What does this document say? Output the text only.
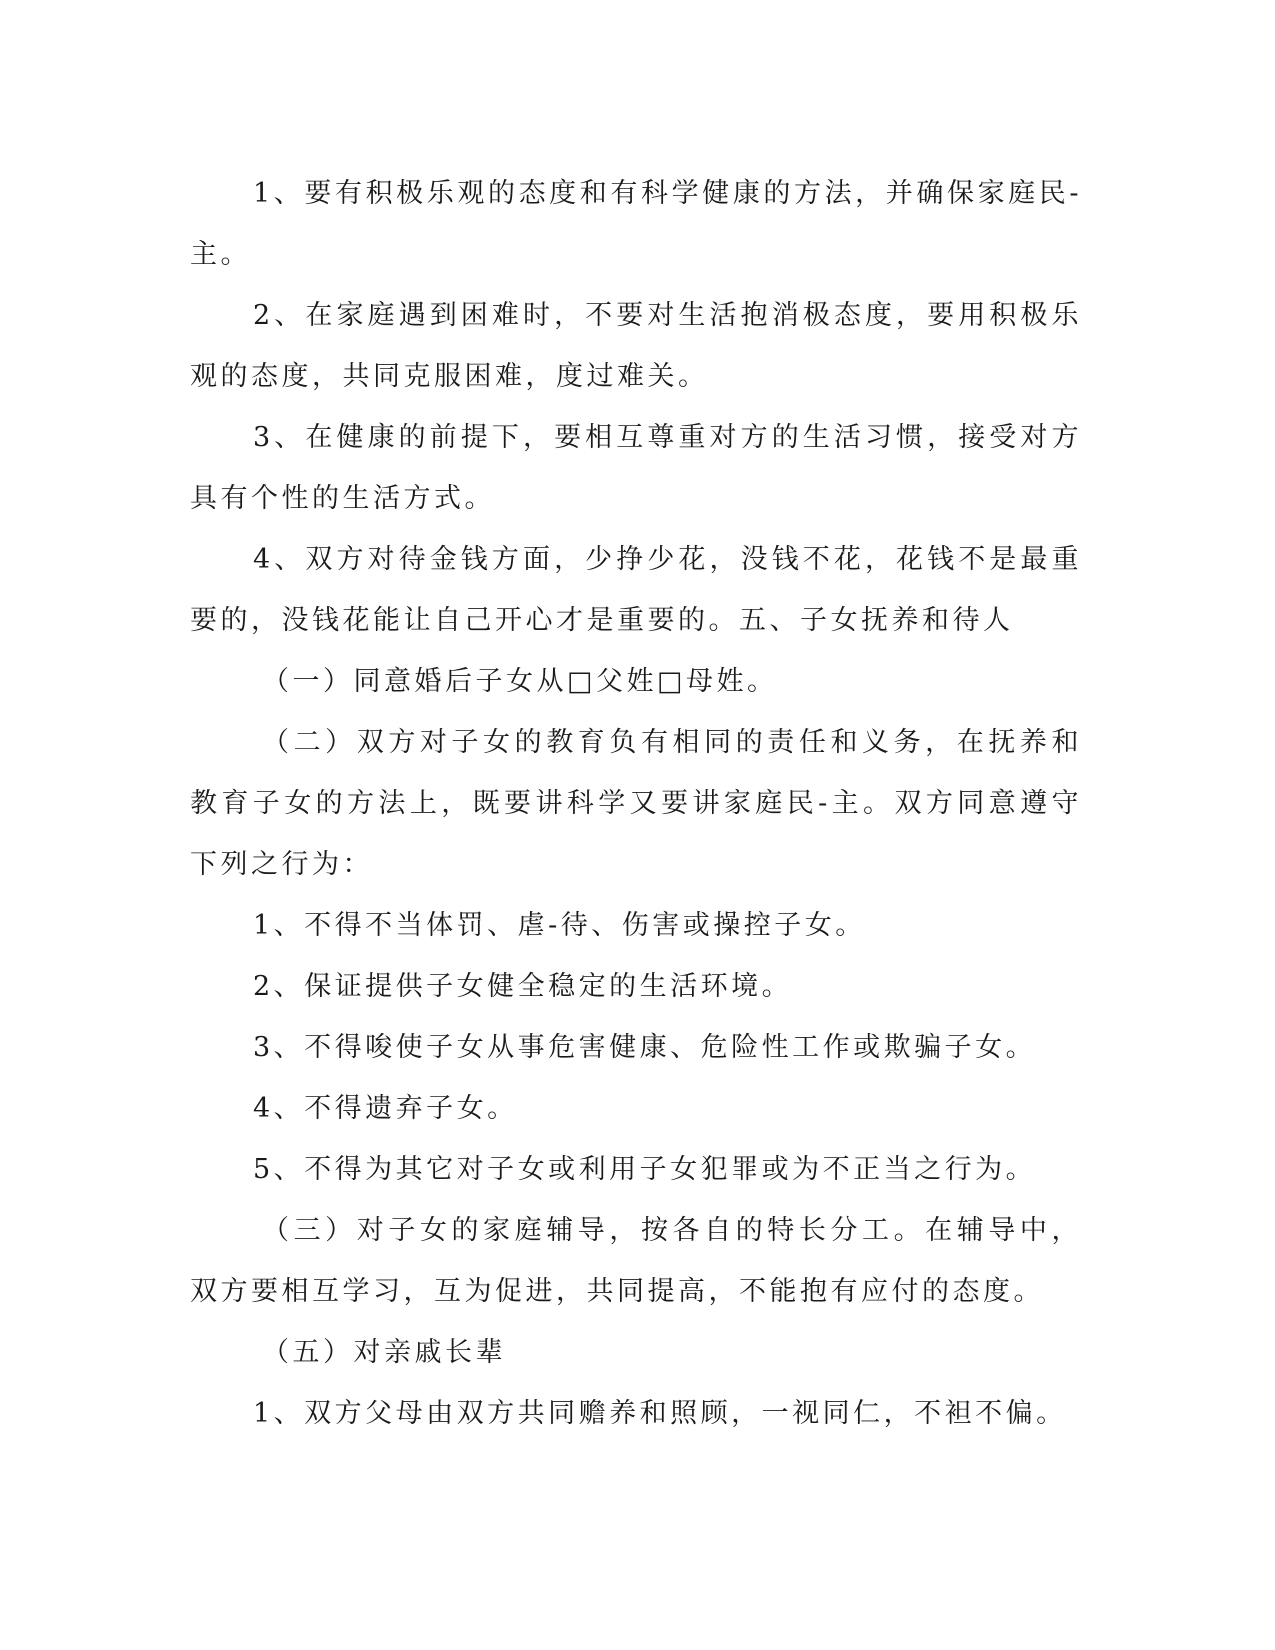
1、要有积极乐观的态度和有科学健康的方法，并确保家庭民-主。

2、在家庭遇到困难时，不要对生活抱消极态度，要用积极乐观的态度，共同克服困难，度过难关。

3、在健康的前提下，要相互尊重对方的生活习惯，接受对方具有个性的生活方式。

4、双方对待金钱方面，少挣少花，没钱不花，花钱不是最重要的，没钱花能让自己开心才是重要的。五、子女抚养和待人

（一）同意婚后子女从□父姓□母姓。

（二）双方对子女的教育负有相同的责任和义务，在抚养和教育子女的方法上，既要讲科学又要讲家庭民-主。双方同意遵守下列之行为：

1、不得不当体罚、虐-待、伤害或操控子女。

2、保证提供子女健全稳定的生活环境。

3、不得唆使子女从事危害健康、危险性工作或欺骗子女。

4、不得遗弃子女。

5、不得为其它对子女或利用子女犯罪或为不正当之行为。

（三）对子女的家庭辅导，按各自的特长分工。在辅导中，双方要相互学习，互为促进，共同提高，不能抱有应付的态度。

（五）对亲戚长辈

1、双方父母由双方共同赡养和照顾，一视同仁，不袒不偏。
